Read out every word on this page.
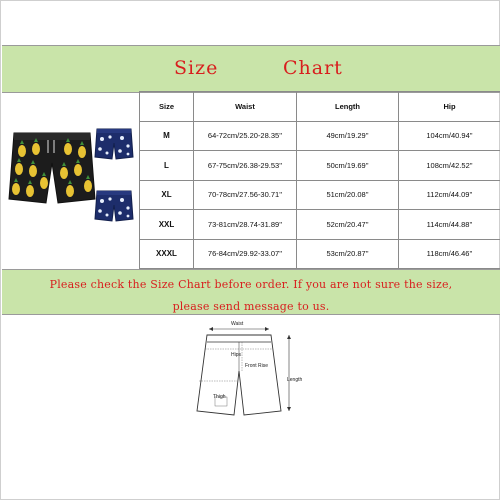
Size	Chart
Size	Waist	Length	Hip
M	64-72cm/25.20-28.35''	49cm/19.29''	104cm/40.94''
L	67-75cm/26.38-29.53''	50cm/19.69''	108cm/42.52''
XL	70-78cm/27.56-30.71''	51cm/20.08''	112cm/44.09''
XXL	73-81cm/28.74-31.89''	52cm/20.47''	114cm/44.88''
XXXL	76-84cm/29.92-33.07''	53cm/20.87''	118cm/46.46''

Please check the Size Chart before order. If you are not sure the size,

please send message to us.

Waist
Hips
Front Rise
Thigh
Length
